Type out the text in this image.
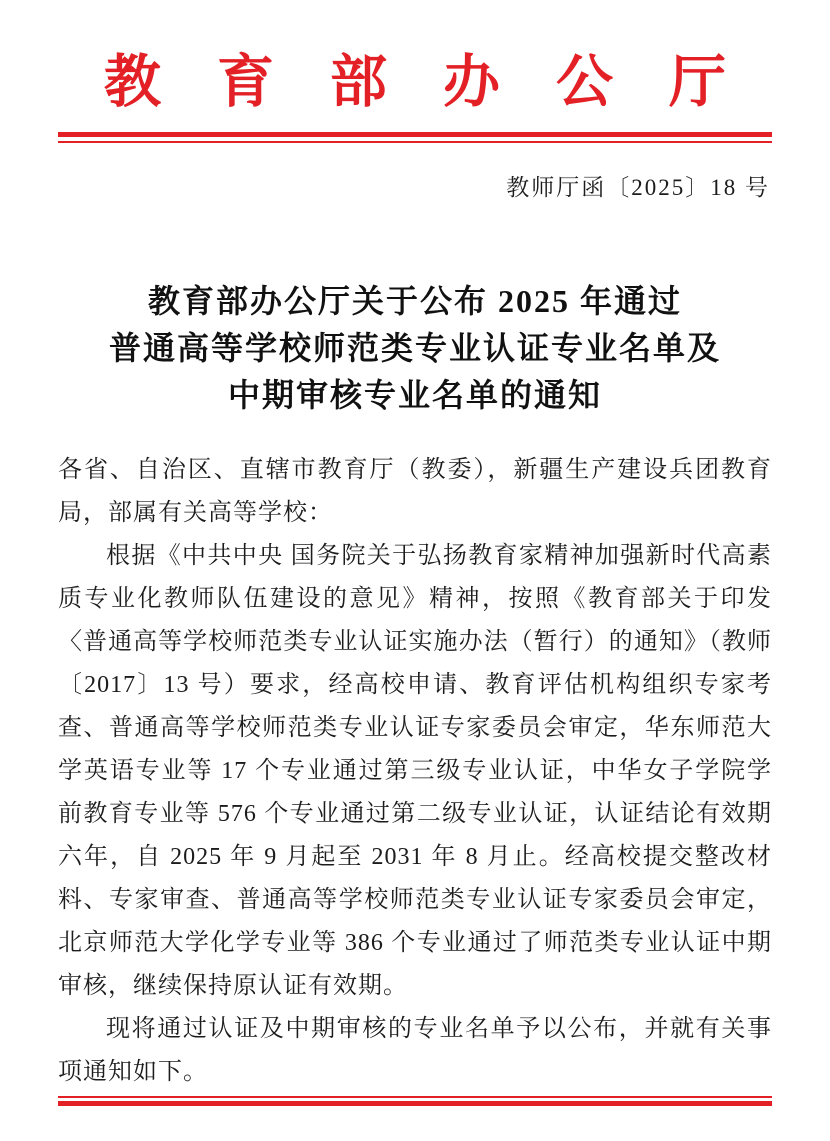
教育部办公厅
教师厅函〔2025〕18 号
教育部办公厅关于公布 2025 年通过
普通高等学校师范类专业认证专业名单及
中期审核专业名单的通知

各省、自治区、直辖市教育厅（教委），新疆生产建设兵团教育局，部属有关高等学校：

根据《中共中央 国务院关于弘扬教育家精神加强新时代高素质专业化教师队伍建设的意见》精神，按照《教育部关于印发〈普通高等学校师范类专业认证实施办法（暂行）的通知》（教师〔2017〕13 号）要求，经高校申请、教育评估机构组织专家考查、普通高等学校师范类专业认证专家委员会审定，华东师范大学英语专业等 17 个专业通过第三级专业认证，中华女子学院学前教育专业等 576 个专业通过第二级专业认证，认证结论有效期六年，自 2025 年 9 月起至 2031 年 8 月止。经高校提交整改材料、专家审查、普通高等学校师范类专业认证专家委员会审定，北京师范大学化学专业等 386 个专业通过了师范类专业认证中期审核，继续保持原认证有效期。

现将通过认证及中期审核的专业名单予以公布，并就有关事项通知如下。
